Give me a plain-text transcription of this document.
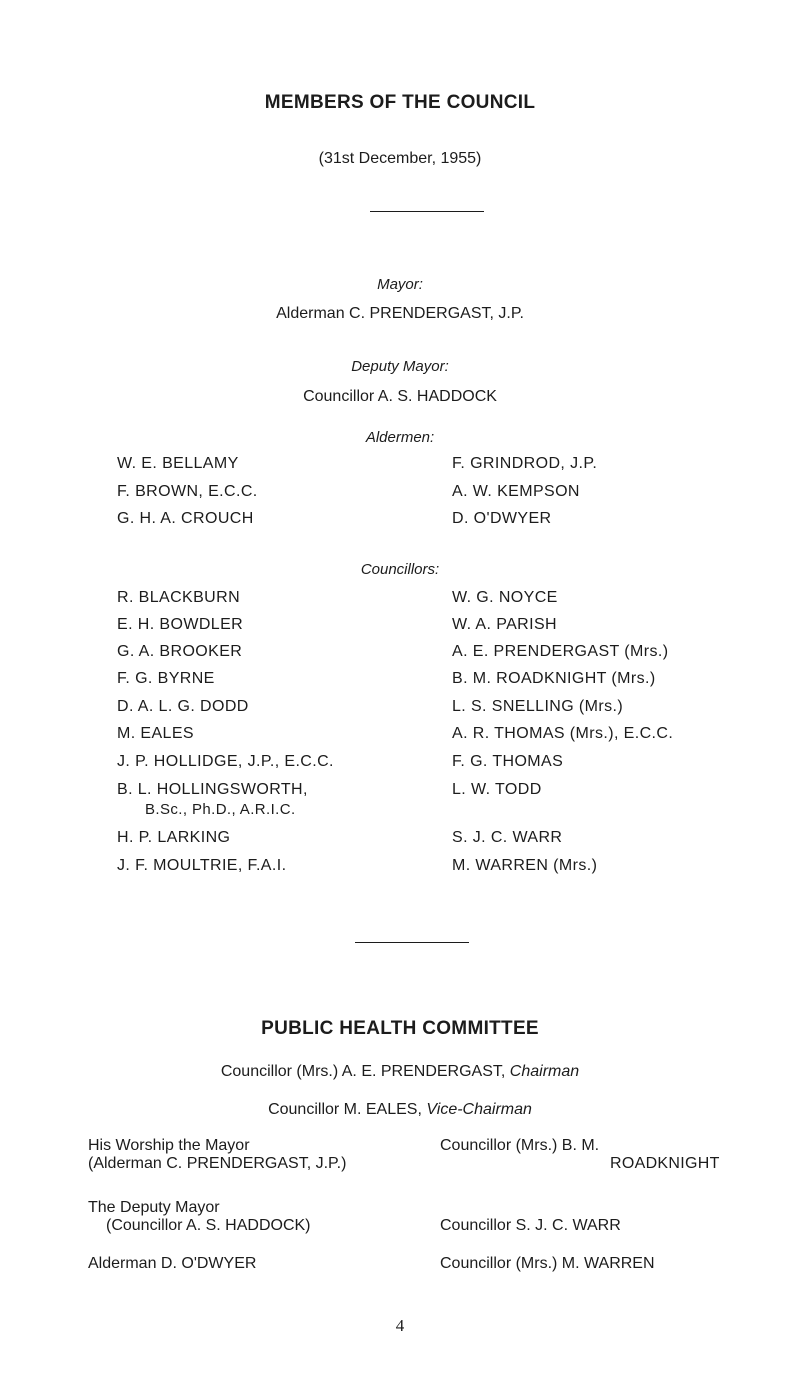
MEMBERS OF THE COUNCIL
(31st December, 1955)
Mayor:
Alderman C. PRENDERGAST, J.P.
Deputy Mayor:
Councillor A. S. HADDOCK
Aldermen:
W. E. BELLAMY
F. BROWN, E.C.C.
G. H. A. CROUCH
F. GRINDROD, J.P.
A. W. KEMPSON
D. O'DWYER
Councillors:
R. BLACKBURN
E. H. BOWDLER
G. A. BROOKER
F. G. BYRNE
D. A. L. G. DODD
M. EALES
J. P. HOLLIDGE, J.P., E.C.C.
B. L. HOLLINGSWORTH,
B.Sc., Ph.D., A.R.I.C.
H. P. LARKING
J. F. MOULTRIE, F.A.I.
W. G. NOYCE
W. A. PARISH
A. E. PRENDERGAST (Mrs.)
B. M. ROADKNIGHT (Mrs.)
L. S. SNELLING (Mrs.)
A. R. THOMAS (Mrs.), E.C.C.
F. G. THOMAS
L. W. TODD
S. J. C. WARR
M. WARREN (Mrs.)
PUBLIC HEALTH COMMITTEE
Councillor (Mrs.) A. E. PRENDERGAST, Chairman
Councillor M. EALES, Vice-Chairman
His Worship the Mayor
(Alderman C. PRENDERGAST, J.P.)
The Deputy Mayor
(Councillor A. S. HADDOCK)
Alderman D. O'DWYER
Councillor (Mrs.) B. M.
ROADKNIGHT
Councillor S. J. C. WARR
Councillor (Mrs.) M. WARREN
4
